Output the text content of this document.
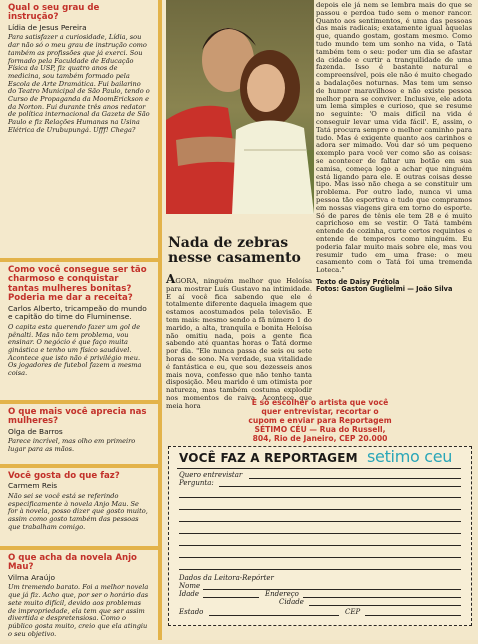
Qual o seu grau de instrução?
Lídia de Jesus Pereira
Para satisfazer a curiosidade, Lídia, sou dar não só o meu grau de instrução como também as profissões que já exerci. Sou formado pela Faculdade de Educação Física da USP, fiz quatro anos de medicina, sou também formado pela Escola de Arte Dramática. Fui bailarino do Teatro Municipal de São Paulo, tendo o Curso de Propaganda da MoomErickson e da Norton. Fui durante três anos redator de política internacional da Gazeta de São Paulo e fiz Relações Humanas na Usina Elétrica de Urubupungá. Ufff! Chega?
Como você consegue ser tão charmoso e conquistar tantas mulheres bonitas? Poderia me dar a receita?
Carlos Alberto, tricampeão do mundo e capitão do time do Fluminense.
O capita esta querendo fazer um gol de pênalti. Mas não tem problema, vou ensinar. O negócio é que faço muita ginástica e tenho um físico saudável. Acontece que isto não é privilégio meu. Os jogadores de futebol fazem a mesma coisa.
O que mais você aprecia nas mulheres?
Olga de Barros
Parece incrível, mas olho em primeiro lugar para as mãos.
Você gosta do que faz?
Carmem Reis
Não sei se você está se referindo especificamente à novela Anjo Mau. Se for à novela, posso dizer que gosto muito, assim como gosto também das pessoas que trabalham comigo.
O que acha da novela Anjo Mau?
Vilma Araújo
Um tremendo barato. Foi a melhor novela que já fiz. Acho que, por ser o horário das sete muito difícil, devido aos problemas de impropriedade, ela tem que ser assim divertida e despretensiosa. Como o público gosta muito, creio que ela atingiu o seu objetivo.
Nada de zebras nesse casamento
AGORA, ninguém melhor que Heloísa para mostrar Luís Gustavo na intimidade. E aí você fica sabendo que ele é totalmente diferente daquela imagem que estamos acostumados pela televisão. E tem mais: mesmo sendo a fã número 1 do marido, a alta, tranquila e bonita Heloísa não omitiu nada, pois a gente fica sabendo até quantas horas o Tatá dorme por dia. "Ele nunca passa de seis ou sete horas de sono. Na verdade, sua vitalidade é fantástica e eu, que sou dezesseis anos mais nova, confesso que não tenho tanta disposição. Meu marido é um otimista por natureza, mas também costuma explodir nos momentos de raiva. Acontece que meia hora
depois ele já nem se lembra mais do que se passou e perdoa tudo sem o menor rancor. Quanto aos sentimentos, é uma das pessoas das mais radicais; exatamente igual àquelas que, quando gostam, gostam mesmo. Como tudo mundo tem um sonho na vida, o Tatá também tem o seu: poder um dia se afastar da cidade e curtir a tranquilidade de uma fazenda. Isso é bastante natural e compreensível, pois ele não é muito chegado a badalações noturnas. Mas tem um senso de humor maravilhoso e não existe pessoa melhor para se conviver. Inclusive, ele adota um lema simples e curioso, que se resume no seguinte: 'O mais difícil na vida é conseguir levar uma vida fácil'. E, assim, o Tatá procura sempre o melhor caminho para tudo. Mas é exigente quanto aos carinhos e adora ser mimado. Vou dar só um pequeno exemplo para você ver como são as coisas: se acontecer de faltar um botão em sua camisa, começa logo a achar que ninguém está ligando para ele. E outras coisas desse tipo. Mas isso não chega a se constituir um problema. Por outro lado, nunca vi uma pessoa tão esportiva e tudo que compramos em nossas viagens gira em torno do esporte. Só de pares de tênis ele tem 28 e é muito caprichoso em se vestir. O Tatá também entende de cozinha, curte certos requintes e entende de temperos como ninguém. Eu poderia falar muito mais sobre ele, mas vou resumir tudo em uma frase: o meu casamento com o Tatá foi uma tremenda Loteca."
Texto de Daisy Prétola
Fotos: Gaston Guglielmi — João Silva
É só escolher o artista que você
quer entrevistar, recortar o
cupom e enviar para Reportagem
SÉTIMO CÉU — Rua do Russell,
804, Rio de Janeiro, CEP 20.000
VOCÊ FAZ A REPORTAGEM setimo ceu
Quero entrevistar
Pergunta:
Dados da Leitora-Repórter
Nome
Idade	Endereço
Cidade
Estado	CEP
